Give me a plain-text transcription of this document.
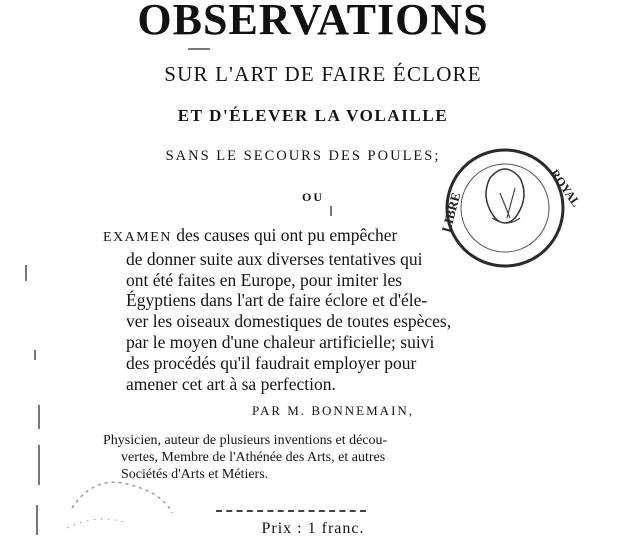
OBSERVATIONS
SUR L'ART DE FAIRE ÉCLORE
ET D'ÉLEVER LA VOLAILLE
SANS LE SECOURS DES POULES;
OU
EXAMEN des causes qui ont pu empêcher
de donner suite aux diverses tentatives qui
ont été faites en Europe, pour imiter les
Égyptiens dans l'art de faire éclore et d'éle-
ver les oiseaux domestiques de toutes espèces,
par le moyen d'une chaleur artificielle; suivi
des procédés qu'il faudrait employer pour
amener cet art à sa perfection.
PAR M. BONNEMAIN,
Physicien, auteur de plusieurs inventions et décou-
vertes, Membre de l'Athénée des Arts, et autres
Sociétés d'Arts et Métiers.
Prix : 1 franc.
LIBRE
ROYAL
